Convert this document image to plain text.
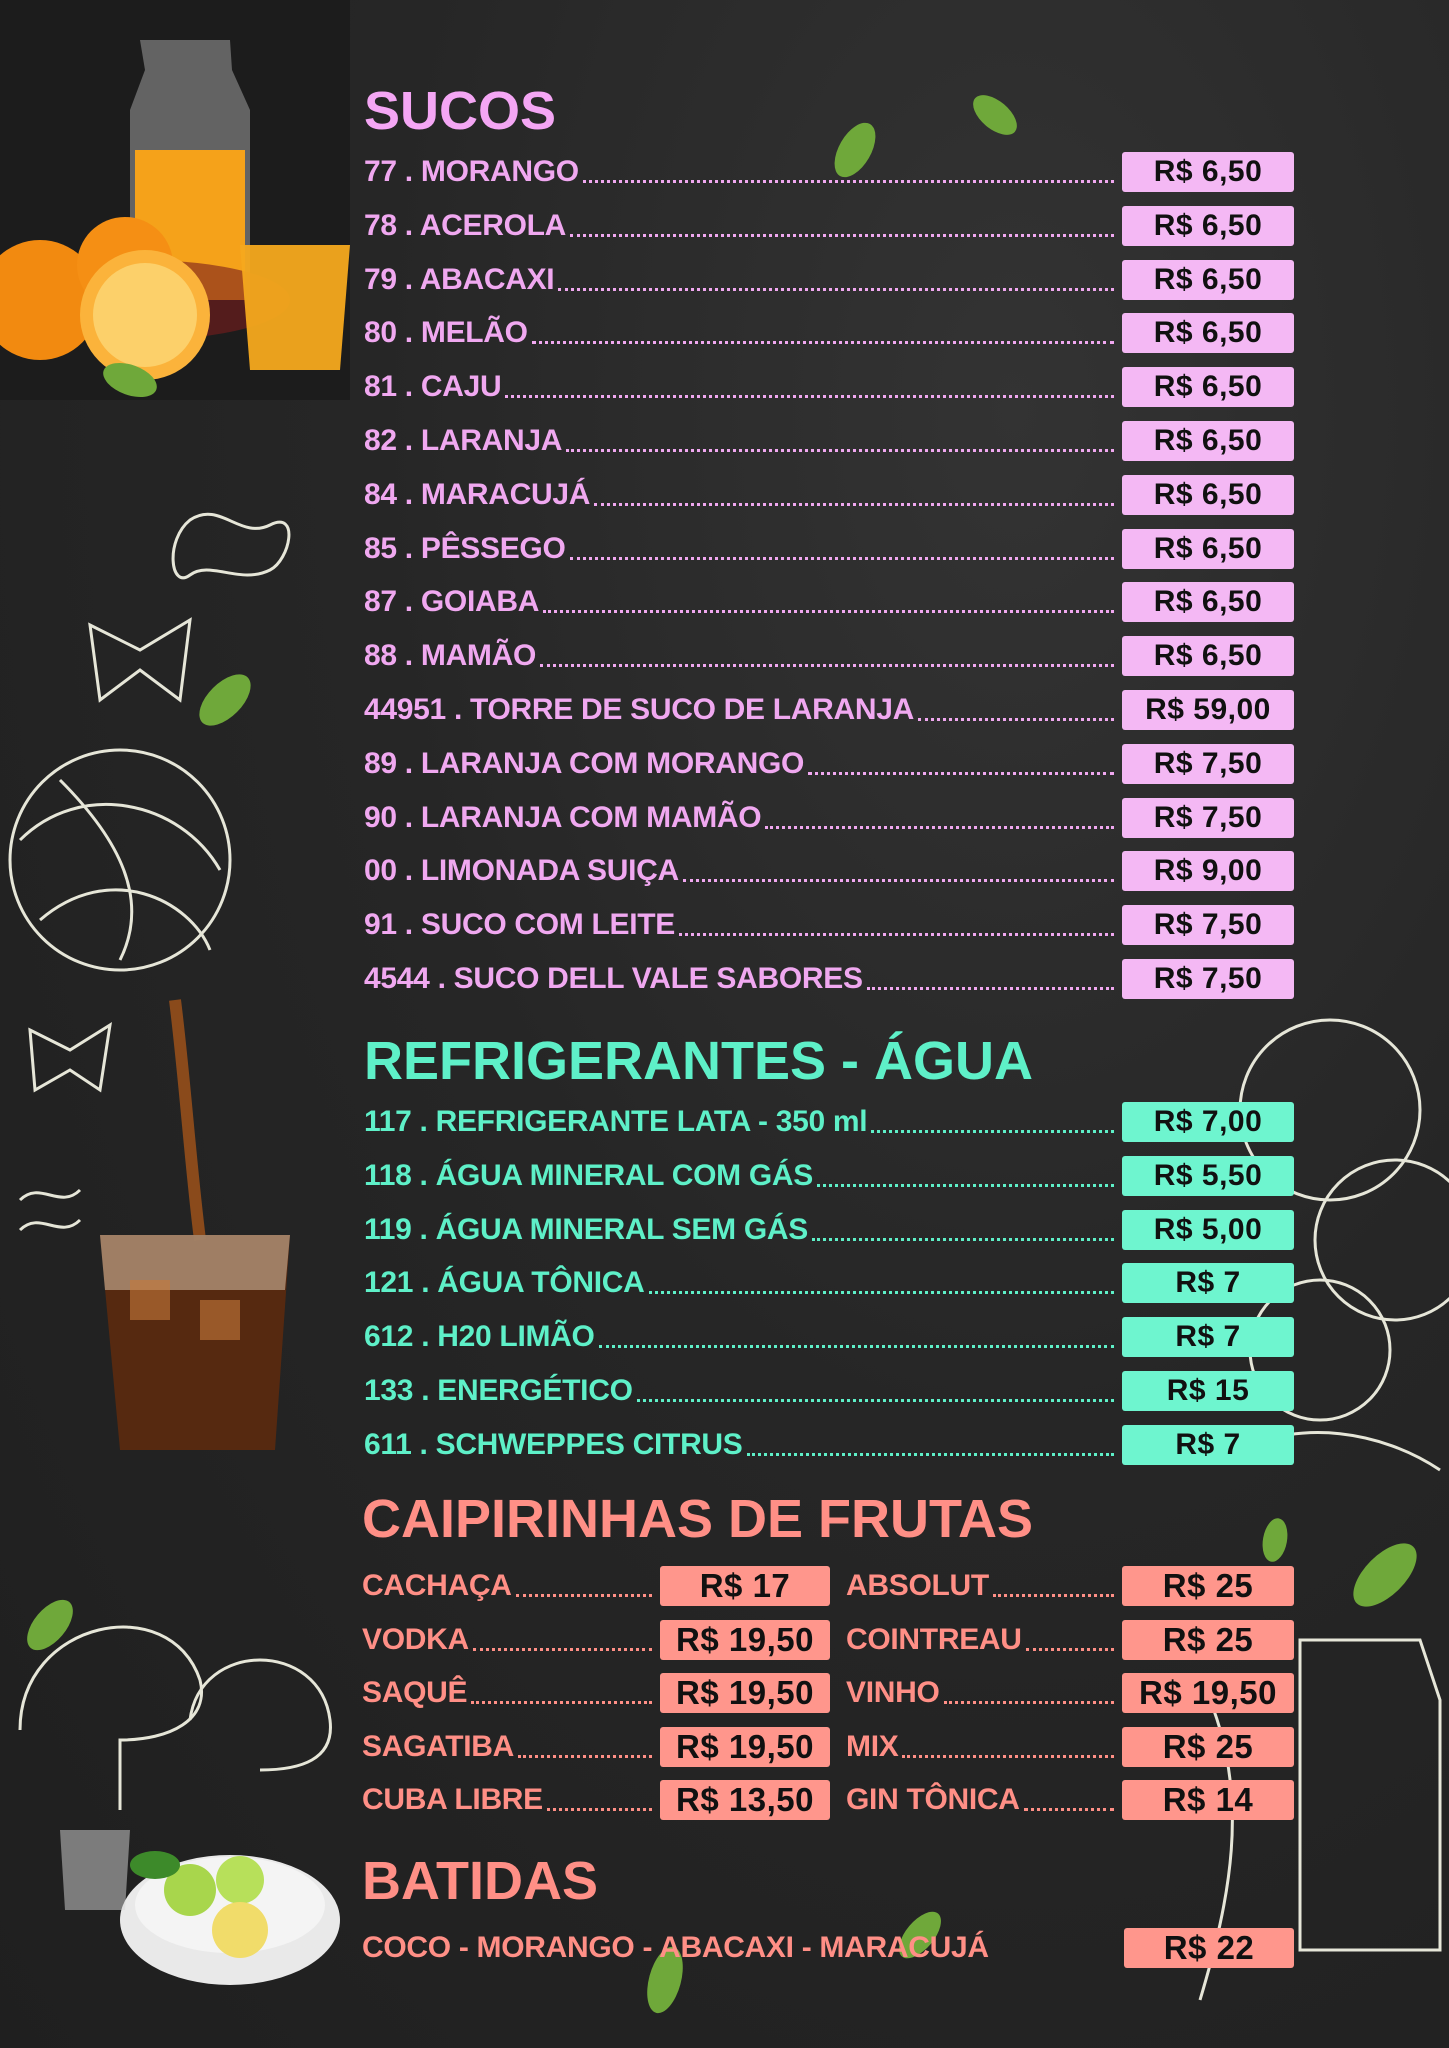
SUCOS
77 . MORANGO	R$ 6,50
78 . ACEROLA	R$ 6,50
79 . ABACAXI	R$ 6,50
80 . MELÃO	R$ 6,50
81 . CAJU	R$ 6,50
82 . LARANJA	R$ 6,50
84 . MARACUJÁ	R$ 6,50
85 . PÊSSEGO	R$ 6,50
87 . GOIABA	R$ 6,50
88 . MAMÃO	R$ 6,50
44951 . TORRE DE SUCO DE LARANJA	R$ 59,00
89 . LARANJA COM MORANGO	R$ 7,50
90 . LARANJA COM MAMÃO	R$ 7,50
00 . LIMONADA SUIÇA	R$ 9,00
91 . SUCO COM LEITE	R$ 7,50
4544 . SUCO DELL VALE SABORES	R$ 7,50
REFRIGERANTES - ÁGUA
117 . REFRIGERANTE LATA - 350 ml	R$ 7,00
118 . ÁGUA MINERAL COM GÁS	R$ 5,50
119 . ÁGUA MINERAL SEM GÁS	R$ 5,00
121 . ÁGUA TÔNICA	R$ 7
612 . H20 LIMÃO	R$ 7
133 . ENERGÉTICO	R$ 15
611 . SCHWEPPES CITRUS	R$ 7
CAIPIRINHAS DE FRUTAS
CACHAÇA	R$ 17
VODKA	R$ 19,50
SAQUÊ	R$ 19,50
SAGATIBA	R$ 19,50
CUBA LIBRE	R$ 13,50
ABSOLUT	R$ 25
COINTREAU	R$ 25
VINHO	R$ 19,50
MIX	R$ 25
GIN TÔNICA	R$ 14
BATIDAS
COCO - MORANGO - ABACAXI - MARACUJÁ	R$ 22
